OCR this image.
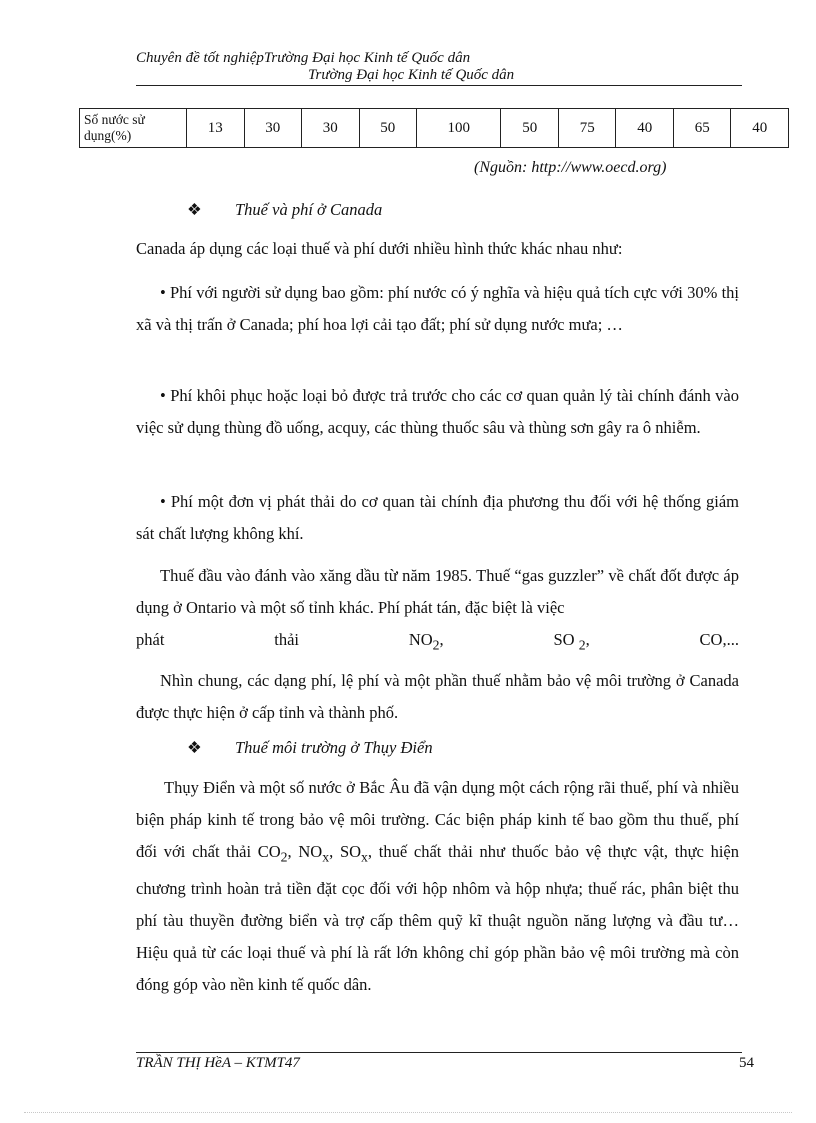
Chuyên đề tốt nghiệpTrường Đại học Kinh tế Quốc dân
Trường Đại học Kinh tế Quốc dân
Số nước sử dụng(%)	13	30	30	50	100	50	75	40	65	40
(Nguồn: http://www.oecd.org)
❖ Thuế và phí ở Canada

Canada áp dụng các loại thuế và phí dưới nhiều hình thức khác nhau như:

• Phí với người sử dụng bao gồm: phí nước có ý nghĩa và hiệu quả tích cực với 30% thị xã và thị trấn ở Canada; phí hoa lợi cải tạo đất; phí sử dụng nước mưa; …

• Phí khôi phục hoặc loại bỏ được trả trước cho các cơ quan quản lý tài chính đánh vào việc sử dụng thùng đồ uống, acquy, các thùng thuốc sâu và thùng sơn gây ra ô nhiễm.

• Phí một đơn vị phát thải do cơ quan tài chính địa phương thu đối với hệ thống giám sát chất lượng không khí.

Thuế đầu vào đánh vào xăng dầu từ năm 1985. Thuế “gas guzzler” về chất đốt được áp dụng ở Ontario và một số tỉnh khác. Phí phát tán, đặc biệt là việc
phát	thải	$NO_2$,	SO $_2$,	CO,...

Nhìn chung, các dạng phí, lệ phí và một phần thuế nhằm bảo vệ môi trường ở Canada được thực hiện ở cấp tỉnh và thành phố.

❖ Thuế môi trường ở Thụy Điển

Thụy Điển và một số nước ở Bắc Âu đã vận dụng một cách rộng rãi thuế, phí và nhiều biện pháp kinh tế trong bảo vệ môi trường. Các biện pháp kinh tế bao gồm thu thuế, phí đối với chất thải $CO_2$, $NO_x$, $SO_x$, thuế chất thải như thuốc bảo vệ thực vật, thực hiện chương trình hoàn trả tiền đặt cọc đối với hộp nhôm và hộp nhựa; thuế rác, phân biệt thu phí tàu thuyền đường biển và trợ cấp thêm quỹ kĩ thuật nguồn năng lượng và đầu tư… Hiệu quả từ các loại thuế và phí là rất lớn không chỉ góp phần bảo vệ môi trường mà còn đóng góp vào nền kinh tế quốc dân.

TRẦN THỊ HềA – KTMT47	54
